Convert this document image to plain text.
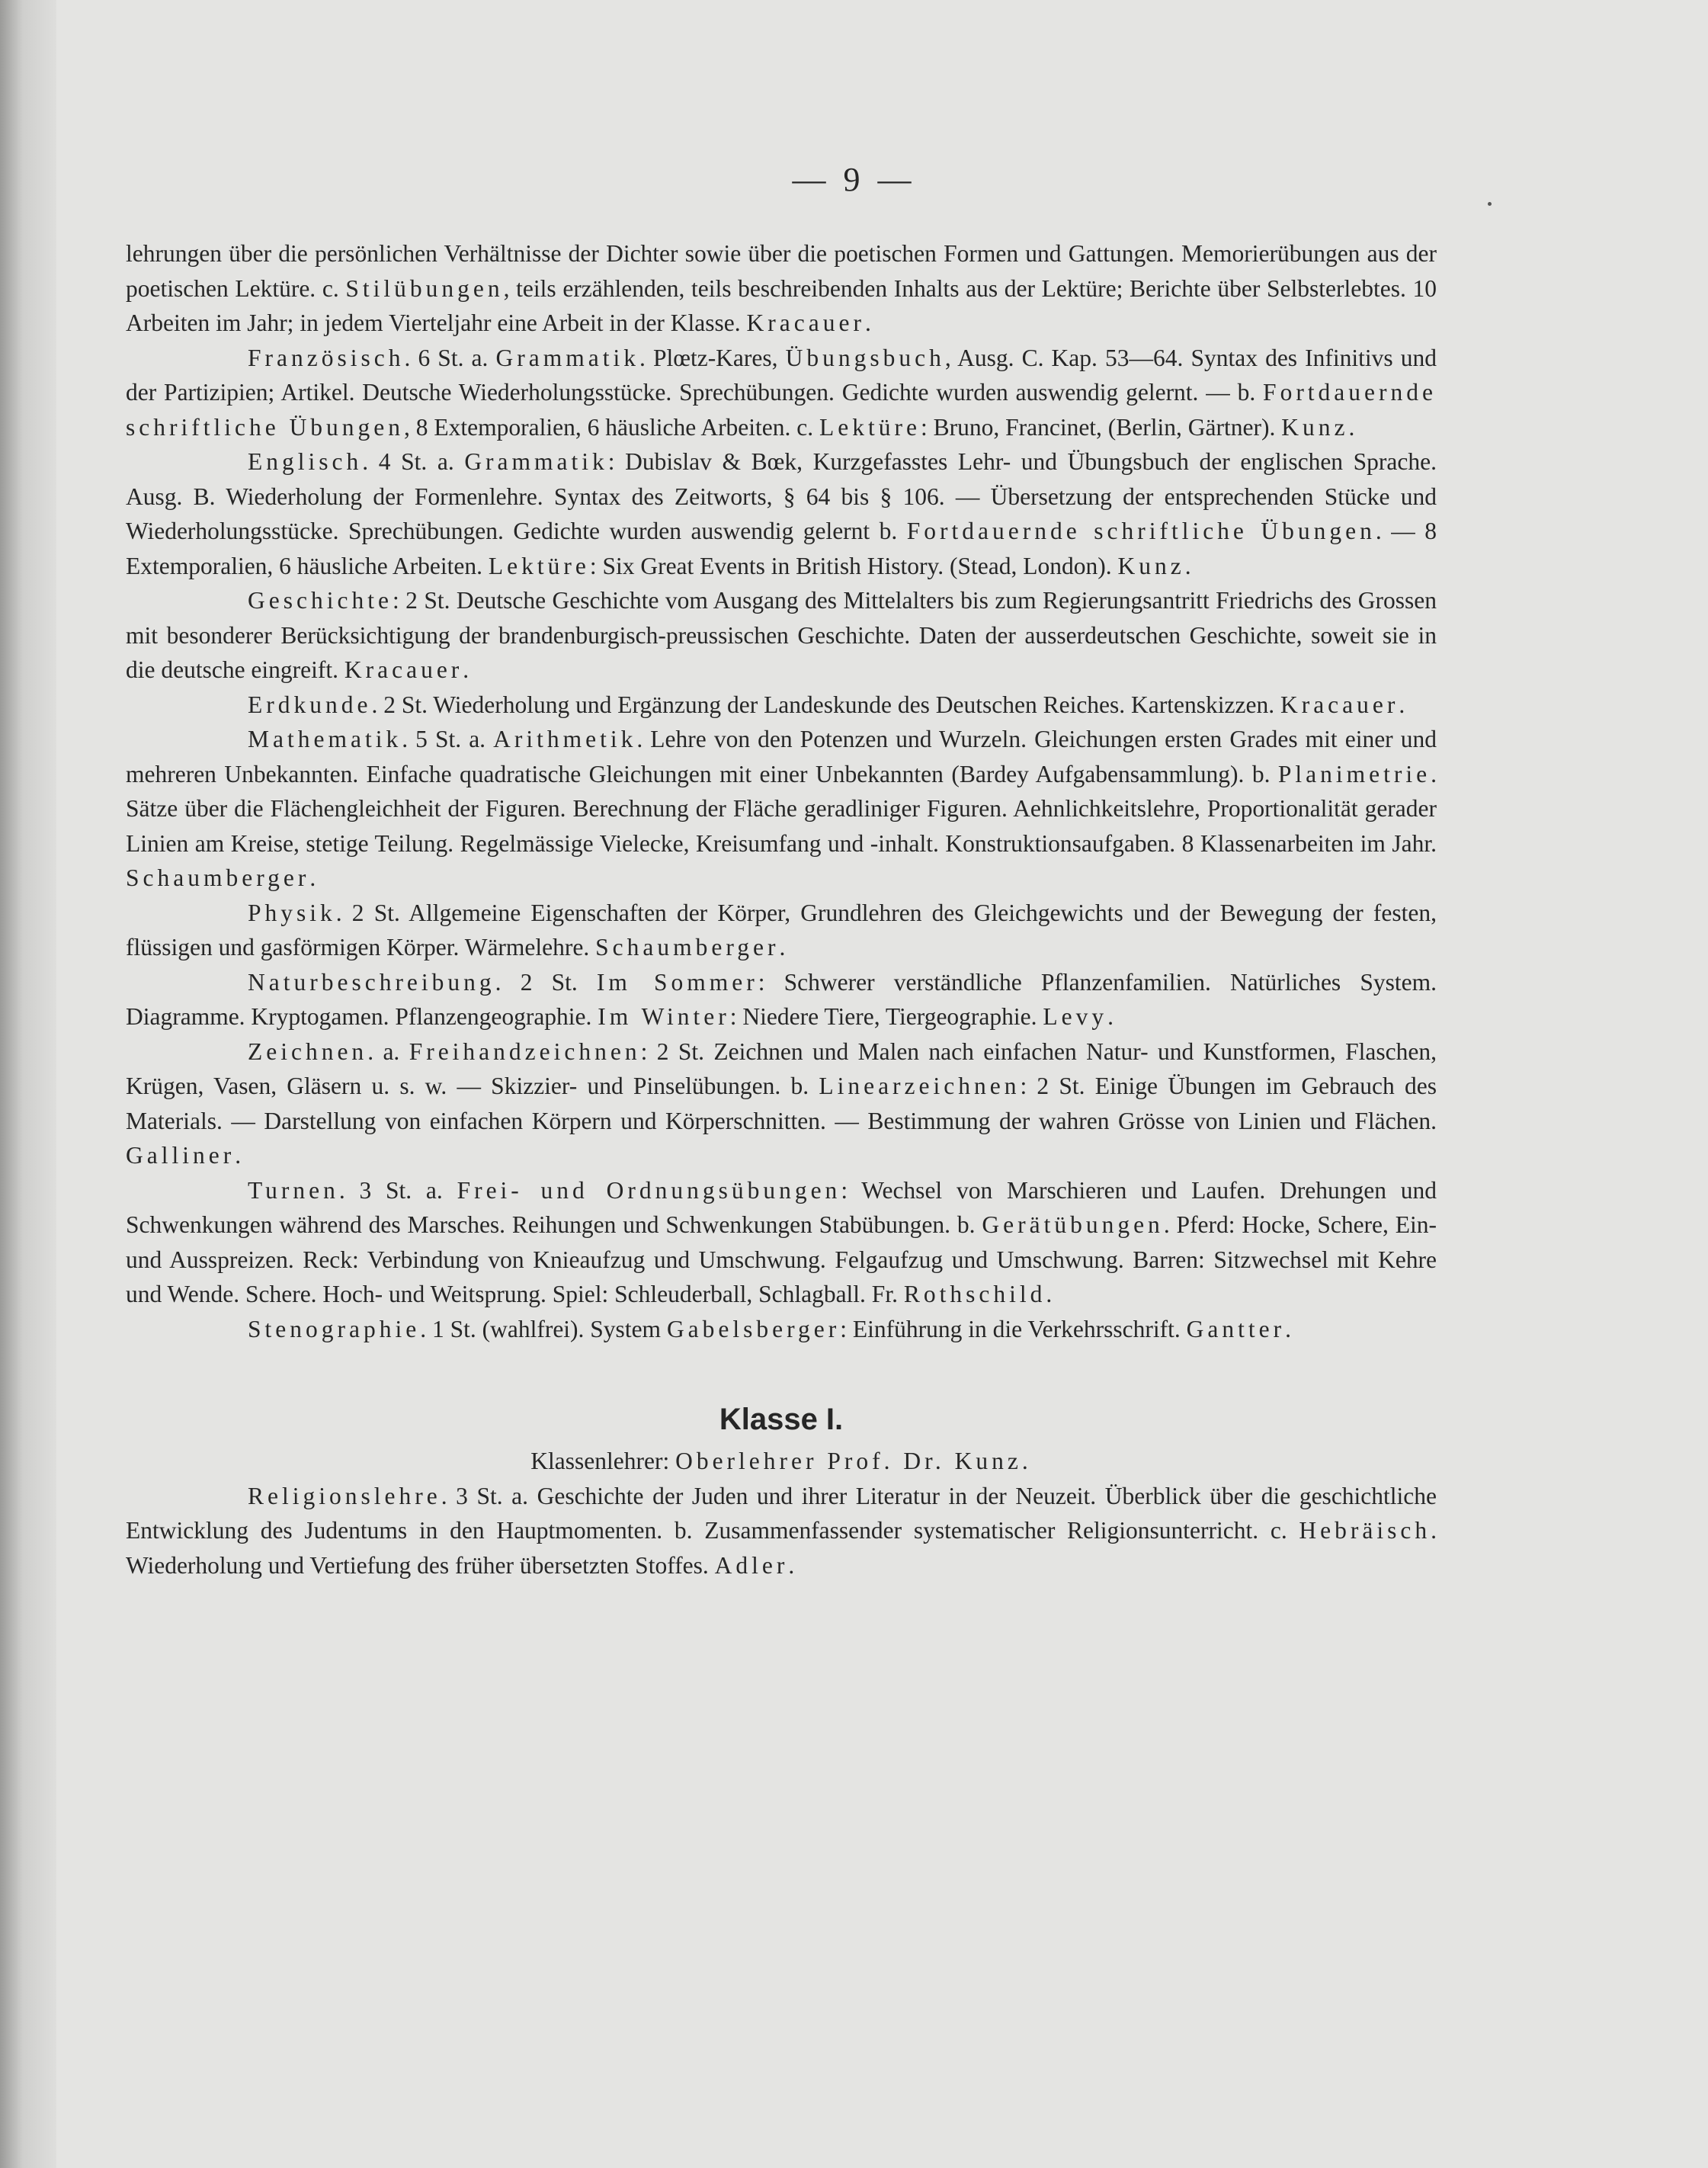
— 9 —

lehrungen über die persönlichen Verhältnisse der Dichter sowie über die poetischen Formen und Gattungen. Memorierübungen aus der poetischen Lektüre. c. Stilübungen, teils erzählenden, teils beschreibenden Inhalts aus der Lektüre; Berichte über Selbsterlebtes. 10 Arbeiten im Jahr; in jedem Vierteljahr eine Arbeit in der Klasse. Kracauer.

Französisch. 6 St. a. Grammatik. Plœtz-Kares, Übungsbuch, Ausg. C. Kap. 53—64. Syntax des Infinitivs und der Partizipien; Artikel. Deutsche Wiederholungsstücke. Sprechübungen. Gedichte wurden auswendig gelernt. — b. Fortdauernde schriftliche Übungen, 8 Extemporalien, 6 häusliche Arbeiten. c. Lektüre: Bruno, Francinet, (Berlin, Gärtner). Kunz.

Englisch. 4 St. a. Grammatik: Dubislav & Bœk, Kurzgefasstes Lehr- und Übungsbuch der englischen Sprache. Ausg. B. Wiederholung der Formenlehre. Syntax des Zeitworts, § 64 bis § 106. — Übersetzung der entsprechenden Stücke und Wiederholungsstücke. Sprechübungen. Gedichte wurden auswendig gelernt b. Fortdauernde schriftliche Übungen. — 8 Extemporalien, 6 häusliche Arbeiten. Lektüre: Six Great Events in British History. (Stead, London). Kunz.

Geschichte: 2 St. Deutsche Geschichte vom Ausgang des Mittelalters bis zum Regierungsantritt Friedrichs des Grossen mit besonderer Berücksichtigung der brandenburgisch-preussischen Geschichte. Daten der ausserdeutschen Geschichte, soweit sie in die deutsche eingreift. Kracauer.

Erdkunde. 2 St. Wiederholung und Ergänzung der Landeskunde des Deutschen Reiches. Kartenskizzen. Kracauer.

Mathematik. 5 St. a. Arithmetik. Lehre von den Potenzen und Wurzeln. Gleichungen ersten Grades mit einer und mehreren Unbekannten. Einfache quadratische Gleichungen mit einer Unbekannten (Bardey Aufgabensammlung). b. Planimetrie. Sätze über die Flächengleichheit der Figuren. Berechnung der Fläche geradliniger Figuren. Aehnlichkeitslehre, Proportionalität gerader Linien am Kreise, stetige Teilung. Regelmässige Vielecke, Kreisumfang und -inhalt. Konstruktionsaufgaben. 8 Klassenarbeiten im Jahr. Schaumberger.

Physik. 2 St. Allgemeine Eigenschaften der Körper, Grundlehren des Gleichgewichts und der Bewegung der festen, flüssigen und gasförmigen Körper. Wärmelehre. Schaumberger.

Naturbeschreibung. 2 St. Im Sommer: Schwerer verständliche Pflanzenfamilien. Natürliches System. Diagramme. Kryptogamen. Pflanzengeographie. Im Winter: Niedere Tiere, Tiergeographie. Levy.

Zeichnen. a. Freihandzeichnen: 2 St. Zeichnen und Malen nach einfachen Natur- und Kunstformen, Flaschen, Krügen, Vasen, Gläsern u. s. w. — Skizzier- und Pinselübungen. b. Linearzeichnen: 2 St. Einige Übungen im Gebrauch des Materials. — Darstellung von einfachen Körpern und Körperschnitten. — Bestimmung der wahren Grösse von Linien und Flächen. Galliner.

Turnen. 3 St. a. Frei- und Ordnungsübungen: Wechsel von Marschieren und Laufen. Drehungen und Schwenkungen während des Marsches. Reihungen und Schwenkungen Stabübungen. b. Gerätübungen. Pferd: Hocke, Schere, Ein- und Ausspreizen. Reck: Verbindung von Knieaufzug und Umschwung. Felgaufzug und Umschwung. Barren: Sitzwechsel mit Kehre und Wende. Schere. Hoch- und Weitsprung. Spiel: Schleuderball, Schlagball. Fr. Rothschild.

Stenographie. 1 St. (wahlfrei). System Gabelsberger: Einführung in die Verkehrsschrift. Gantter.

Klasse I.

Klassenlehrer: Oberlehrer Prof. Dr. Kunz.

Religionslehre. 3 St. a. Geschichte der Juden und ihrer Literatur in der Neuzeit. Überblick über die geschichtliche Entwicklung des Judentums in den Hauptmomenten. b. Zusammenfassender systematischer Religionsunterricht. c. Hebräisch. Wiederholung und Vertiefung des früher übersetzten Stoffes. Adler.
